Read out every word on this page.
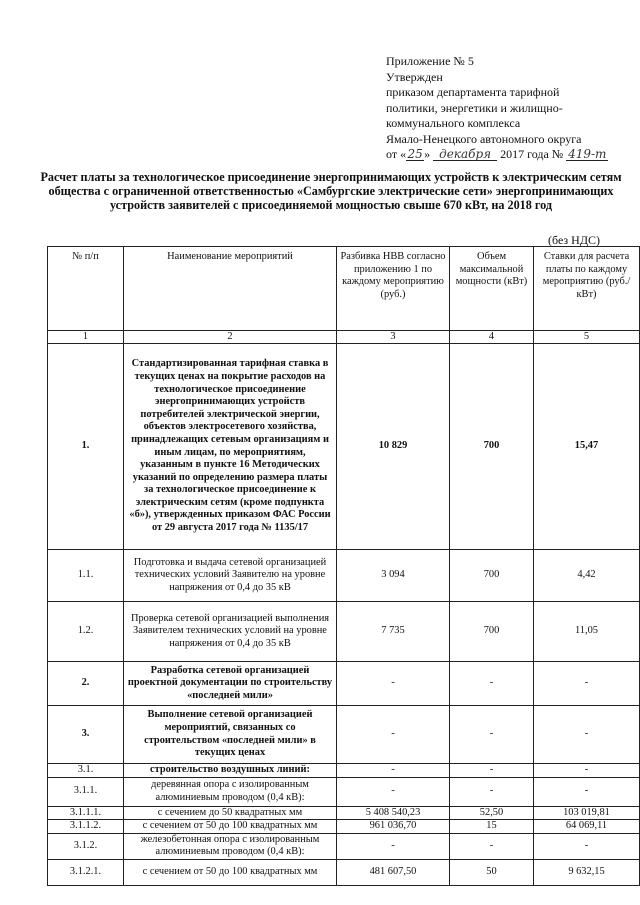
Приложение № 5
Утвержден
приказом департамента тарифной
политики, энергетики и жилищно-
коммунального комплекса
Ямало-Ненецкого автономного округа
от «25» декабря 2017 года № 419-т
Расчет платы за технологическое присоединение энергопринимающих устройств к электрическим сетям общества с ограниченной ответственностью «Самбургские электрические сети» энергопринимающих устройств заявителей с присоединяемой мощностью свыше 670 кВт, на 2018 год
(без НДС)
№ п/п	Наименование мероприятий	Разбивка НВВ согласно приложению 1 по каждому мероприятию (руб.)	Объем максимальной мощности (кВт)	Ставки для расчета платы по каждому мероприятию (руб./кВт)
1	2	3	4	5
1.	Стандартизированная тарифная ставка в текущих ценах на покрытие расходов на технологическое присоединение энергопринимающих устройств потребителей электрической энергии, объектов электросетевого хозяйства, принадлежащих сетевым организациям и иным лицам, по мероприятиям, указанным в пункте 16 Методических указаний по определению размера платы за технологическое присоединение к электрическим сетям (кроме подпункта «б»), утвержденных приказом ФАС России от 29 августа 2017 года № 1135/17	10 829	700	15,47
1.1.	Подготовка и выдача сетевой организацией технических условий Заявителю на уровне напряжения от 0,4 до 35 кВ	3 094	700	4,42
1.2.	Проверка сетевой организацией выполнения Заявителем технических условий на уровне напряжения от 0,4 до 35 кВ	7 735	700	11,05
2.	Разработка сетевой организацией проектной документации по строительству «последней мили»	-	-	-
3.	Выполнение сетевой организацией мероприятий, связанных со строительством «последней мили» в текущих ценах	-	-	-
3.1.	строительство воздушных линий:	-	-	-
3.1.1.	деревянная опора с изолированным алюминиевым проводом (0,4 кВ):	-	-	-
3.1.1.1.	с сечением до 50 квадратных мм	5 408 540,23	52,50	103 019,81
3.1.1.2.	с сечением от 50 до 100 квадратных мм	961 036,70	15	64 069,11
3.1.2.	железобетонная опора с изолированным алюминиевым проводом (0,4 кВ):	-	-	-
3.1.2.1.	с сечением от 50 до 100 квадратных мм	481 607,50	50	9 632,15
